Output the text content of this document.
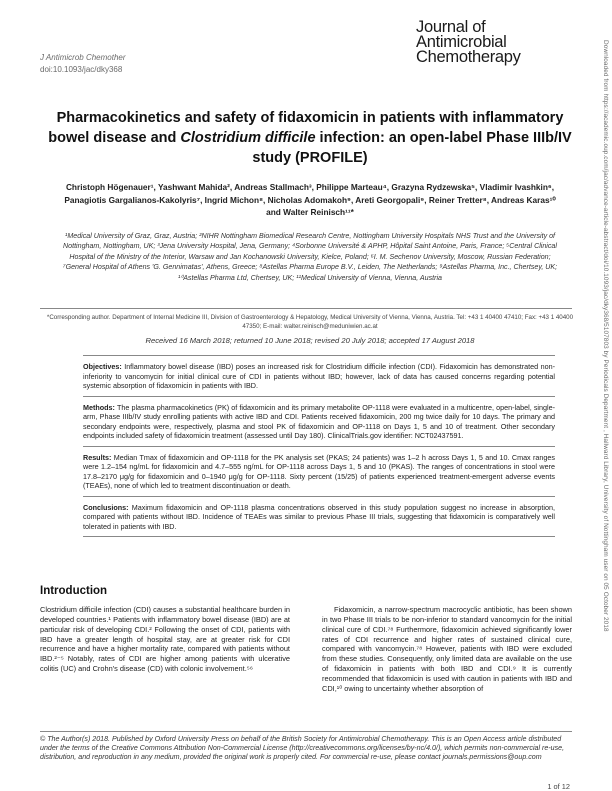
Downloaded from https://academic.oup.com/jac/advance-article-abstract/doi/10.1093/jac/dky368/5107803 by Periodicals Department , Hallward Library, University of Nottingham user on 05 October 2018
J Antimicrob Chemother
doi:10.1093/jac/dky368
Journal of
Antimicrobial
Chemotherapy
Pharmacokinetics and safety of fidaxomicin in patients with inflammatory bowel disease and Clostridium difficile infection: an open-label Phase IIIb/IV study (PROFILE)
Christoph Högenauer¹, Yashwant Mahida², Andreas Stallmach³, Philippe Marteau⁴, Grazyna Rydzewska⁵, Vladimir Ivashkin⁶, Panagiotis Gargalianos-Kakolyris⁷, Ingrid Michon⁸, Nicholas Adomakoh⁹, Areti Georgopali⁹, Reiner Tretter⁸, Andreas Karas¹⁰ and Walter Reinisch¹¹*
¹Medical University of Graz, Graz, Austria; ²NIHR Nottingham Biomedical Research Centre, Nottingham University Hospitals NHS Trust and the University of Nottingham, Nottingham, UK; ³Jena University Hospital, Jena, Germany; ⁴Sorbonne Université & APHP, Hôpital Saint Antoine, Paris, France; ⁵Central Clinical Hospital of the Ministry of the Interior, Warsaw and Jan Kochanowski University, Kielce, Poland; ⁶I. M. Sechenov University, Moscow, Russian Federation; ⁷General Hospital of Athens 'G. Gennimatas', Athens, Greece; ⁸Astellas Pharma Europe B.V., Leiden, The Netherlands; ⁹Astellas Pharma, Inc., Chertsey, UK; ¹⁰Astellas Pharma Ltd, Chertsey, UK; ¹¹Medical University of Vienna, Vienna, Austria
*Corresponding author. Department of Internal Medicine III, Division of Gastroenterology & Hepatology, Medical University of Vienna, Vienna, Austria. Tel: +43 1 40400 47410; Fax: +43 1 40400 47350; E-mail: walter.reinisch@meduniwien.ac.at
Received 16 March 2018; returned 10 June 2018; revised 20 July 2018; accepted 17 August 2018

Objectives: Inflammatory bowel disease (IBD) poses an increased risk for Clostridium difficile infection (CDI). Fidaxomicin has demonstrated non-inferiority to vancomycin for initial clinical cure of CDI in patients without IBD; however, lack of data has caused concerns regarding potential systemic absorption of fidaxomicin in patients with IBD.

Methods: The plasma pharmacokinetics (PK) of fidaxomicin and its primary metabolite OP-1118 were evaluated in a multicentre, open-label, single-arm, Phase IIIb/IV study enrolling patients with active IBD and CDI. Patients received fidaxomicin, 200 mg twice daily for 10 days. The primary and secondary endpoints were, respectively, plasma and stool PK of fidaxomicin and OP-1118 on Days 1, 5 and 10 of treatment. Other secondary endpoints included safety of fidaxomicin treatment (assessed until Day 180). ClinicalTrials.gov identifier: NCT02437591.

Results: Median Tmax of fidaxomicin and OP-1118 for the PK analysis set (PKAS; 24 patients) was 1–2 h across Days 1, 5 and 10. Cmax ranges were 1.2–154 ng/mL for fidaxomicin and 4.7–555 ng/mL for OP-1118 across Days 1, 5 and 10 (PKAS). The ranges of concentrations in stool were 17.8–2170 μg/g for fidaxomicin and 0–1940 μg/g for OP-1118. Sixty percent (15/25) of patients experienced treatment-emergent adverse events (TEAEs), none of which led to treatment discontinuation or death.

Conclusions: Maximum fidaxomicin and OP-1118 plasma concentrations observed in this study population suggest no increase in absorption, compared with patients without IBD. Incidence of TEAEs was similar to previous Phase III trials, suggesting that fidaxomicin is comparatively well tolerated in patients with IBD.

Introduction

Clostridium difficile infection (CDI) causes a substantial healthcare burden in developed countries.¹ Patients with inflammatory bowel disease (IBD) are at particular risk of developing CDI.² Following the onset of CDI, patients with IBD have a greater length of hospital stay, are at greater risk for CDI recurrence and have a higher mortality rate, compared with patients without IBD.²⁻⁵ Notably, rates of CDI are higher among patients with ulcerative colitis (UC) and Crohn's disease (CD) with colonic involvement.⁵⁶

Fidaxomicin, a narrow-spectrum macrocyclic antibiotic, has been shown in two Phase III trials to be non-inferior to standard vancomycin for the initial clinical cure of CDI.⁷⁸ Furthermore, fidaxomicin achieved significantly lower rates of CDI recurrence and higher rates of sustained clinical cure, compared with vancomycin.⁷⁸ However, patients with IBD were excluded from these studies. Consequently, only limited data are available on the use of fidaxomicin in patients with both IBD and CDI.⁹ It is currently recommended that fidaxomicin is used with caution in patients with IBD and CDI,¹⁰ owing to uncertainty whether absorption of

© The Author(s) 2018. Published by Oxford University Press on behalf of the British Society for Antimicrobial Chemotherapy. This is an Open Access article distributed under the terms of the Creative Commons Attribution Non-Commercial License (http://creativecommons.org/licenses/by-nc/4.0/), which permits non-commercial re-use, distribution, and reproduction in any medium, provided the original work is properly cited. For commercial re-use, please contact journals.permissions@oup.com
1 of 12
